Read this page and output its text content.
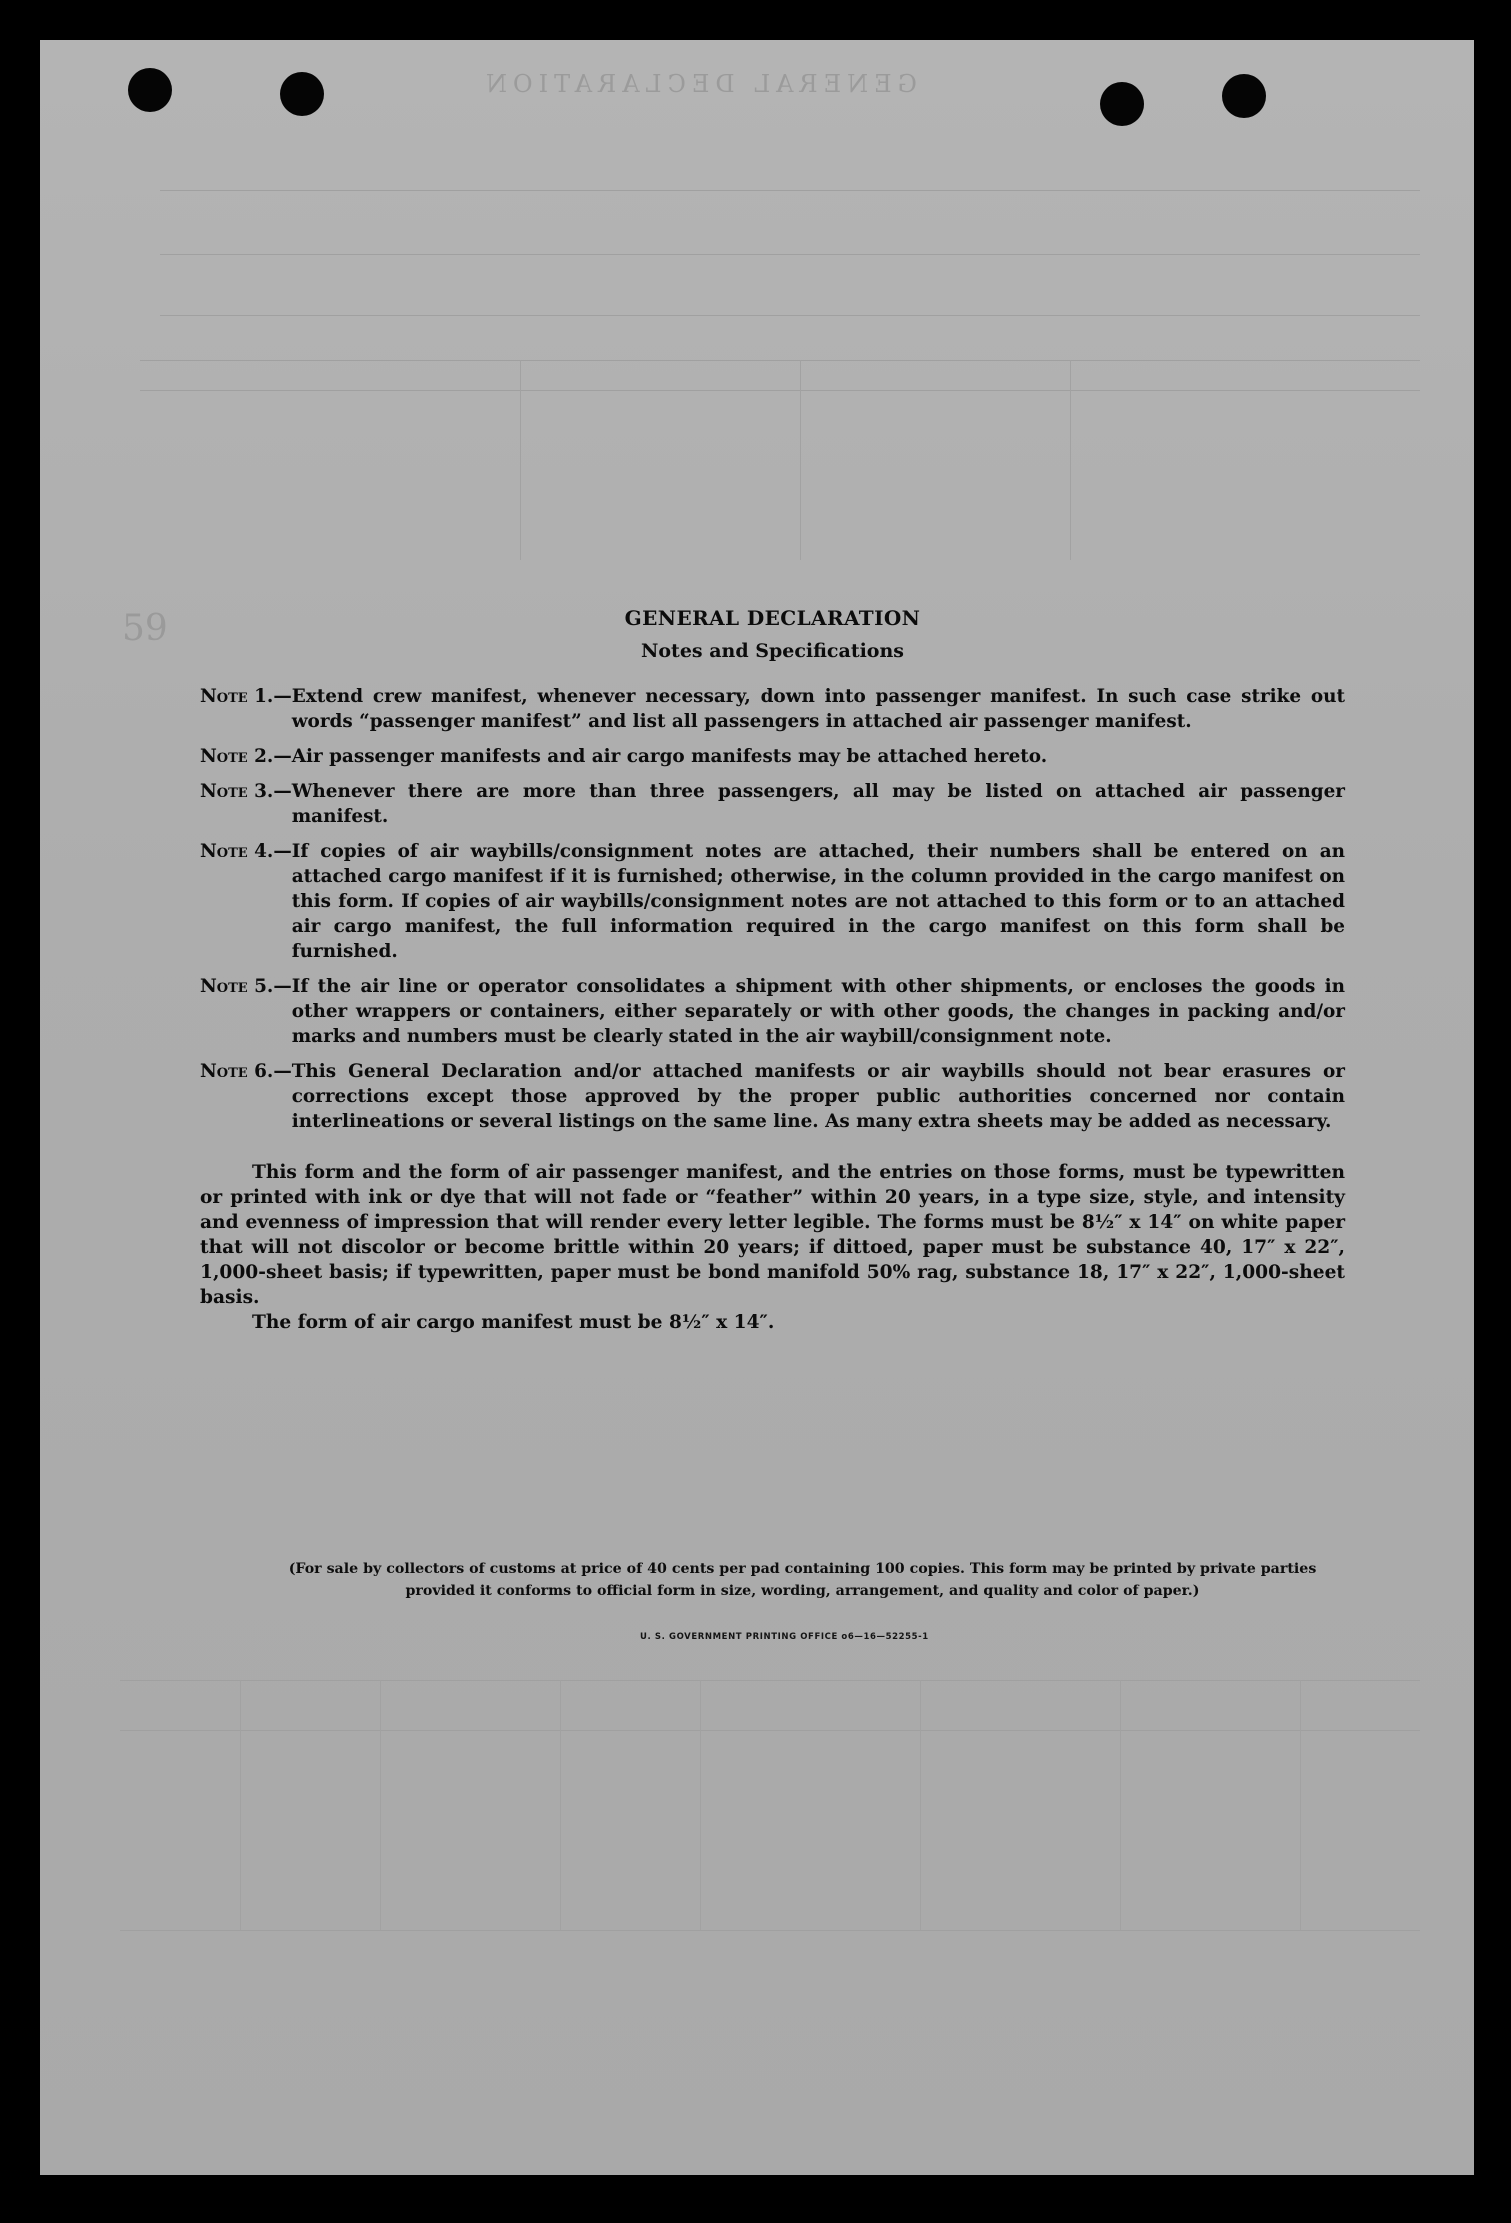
GENERAL DECLARATION
59	GENERAL DECLARATION
Notes and Specifications
Note 1.— Extend crew manifest, whenever necessary, down into passenger manifest. In such case strike out words “passenger manifest” and list all passengers in attached air passenger manifest.
Note 2.— Air passenger manifests and air cargo manifests may be attached hereto.
Note 3.— Whenever there are more than three passengers, all may be listed on attached air passenger manifest.
Note 4.— If copies of air waybills/consignment notes are attached, their numbers shall be entered on an attached cargo manifest if it is furnished; otherwise, in the column provided in the cargo manifest on this form. If copies of air waybills/consignment notes are not attached to this form or to an attached air cargo manifest, the full information required in the cargo manifest on this form shall be furnished.
Note 5.— If the air line or operator consolidates a shipment with other shipments, or encloses the goods in other wrappers or containers, either separately or with other goods, the changes in packing and/or marks and numbers must be clearly stated in the air waybill/consignment note.
Note 6.— This General Declaration and/or attached manifests or air waybills should not bear erasures or corrections except those approved by the proper public authorities concerned nor contain interlineations or several listings on the same line. As many extra sheets may be added as necessary.
This form and the form of air passenger manifest, and the entries on those forms, must be typewritten or printed with ink or dye that will not fade or “feather” within 20 years, in a type size, style, and intensity and evenness of impression that will render every letter legible. The forms must be 8½″ x 14″ on white paper that will not discolor or become brittle within 20 years; if dittoed, paper must be substance 40, 17″ x 22″, 1,000-sheet basis; if typewritten, paper must be bond manifold 50% rag, substance 18, 17″ x 22″, 1,000-sheet basis.
The form of air cargo manifest must be 8½″ x 14″.
(For sale by collectors of customs at price of 40 cents per pad containing 100 copies. This form may be printed by private parties provided it conforms to official form in size, wording, arrangement, and quality and color of paper.)
U. S. GOVERNMENT PRINTING OFFICE o6—16—52255-1
